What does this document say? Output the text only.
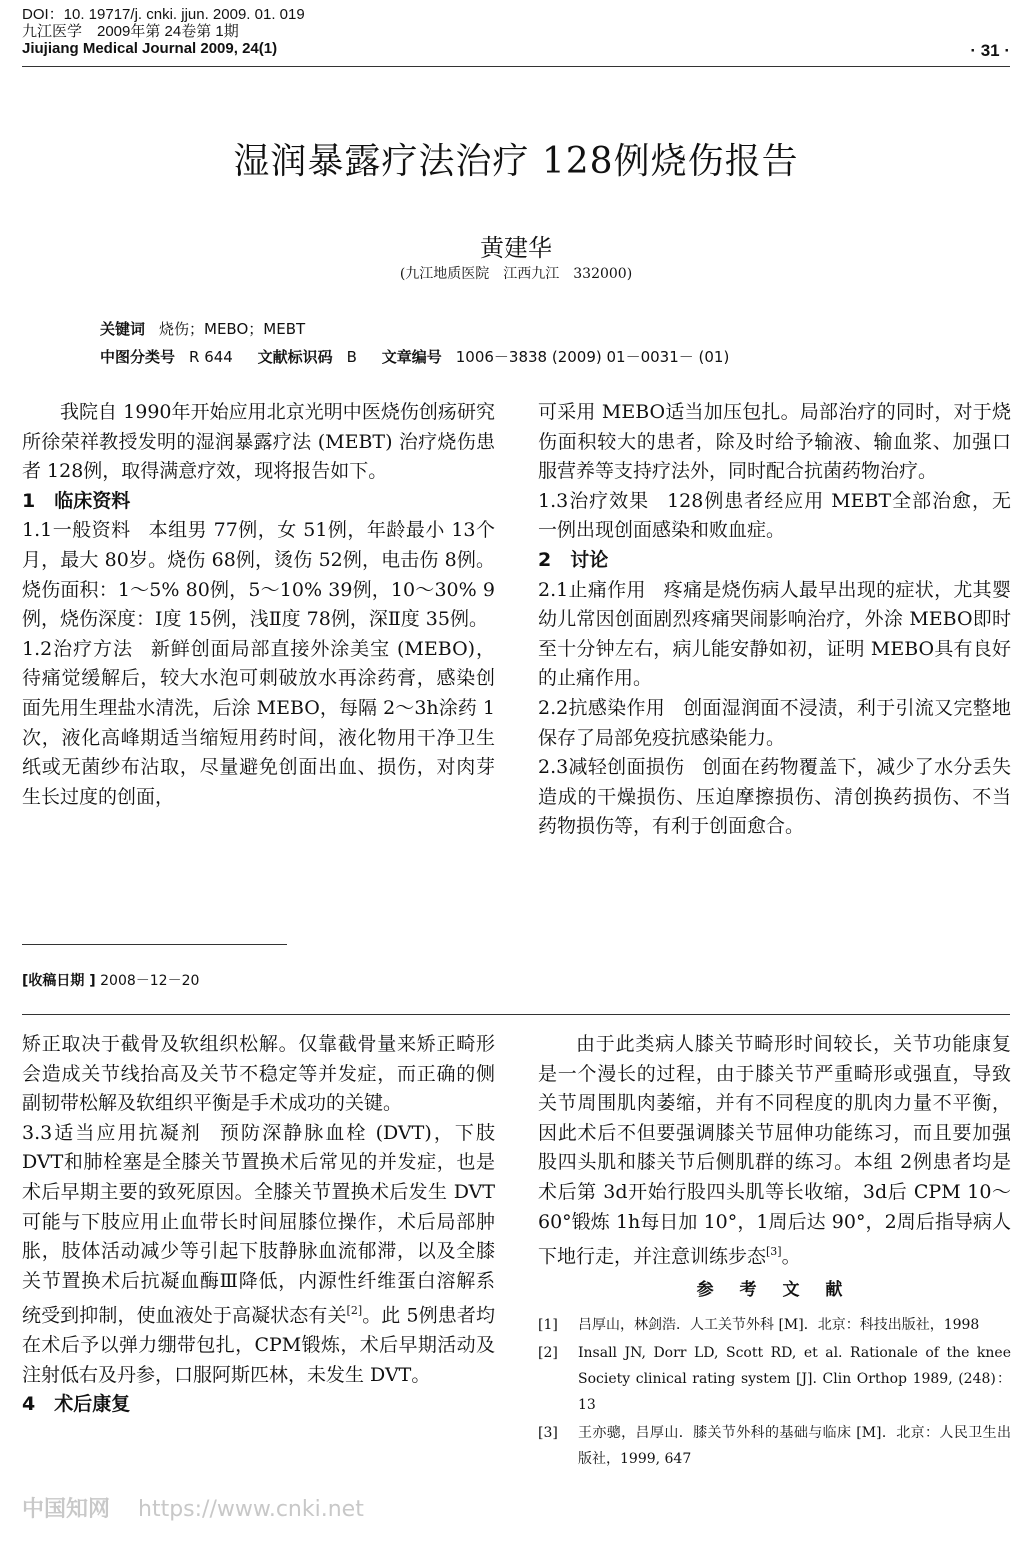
DOI：10. 19717/j. cnki. jjun. 2009. 01. 019
九江医学　2009年第 24卷第 1期
Jiujiang Medical Journal 2009, 24(1)	· 31 ·
湿润暴露疗法治疗 128例烧伤报告
黄建华
(九江地质医院　江西九江　332000)
关键词 烧伤；MEBO；MEBT
中图分类号 R 644 文献标识码 B 文章编号 1006－3838 (2009) 01－0031－ (01)

我院自 1990年开始应用北京光明中医烧伤创疡研究所徐荣祥教授发明的湿润暴露疗法 (MEBT) 治疗烧伤患者 128例，取得满意疗效，现将报告如下。

1　临床资料

1.1一般资料 本组男 77例，女 51例，年龄最小 13个月，最大 80岁。烧伤 68例，烫伤 52例，电击伤 8例。烧伤面积：1～5% 80例，5～10% 39例，10～30% 9例，烧伤深度：Ⅰ度 15例，浅Ⅱ度 78例，深Ⅱ度 35例。

1.2治疗方法 新鲜创面局部直接外涂美宝 (MEBO)，待痛觉缓解后，较大水泡可刺破放水再涂药膏，感染创面先用生理盐水清洗，后涂 MEBO，每隔 2～3h涂药 1次，液化高峰期适当缩短用药时间，液化物用干净卫生纸或无菌纱布沾取，尽量避免创面出血、损伤，对肉芽生长过度的创面，

可采用 MEBO适当加压包扎。局部治疗的同时，对于烧伤面积较大的患者，除及时给予输液、输血浆、加强口服营养等支持疗法外，同时配合抗菌药物治疗。

1.3治疗效果 128例患者经应用 MEBT全部治愈，无一例出现创面感染和败血症。

2　讨论

2.1止痛作用 疼痛是烧伤病人最早出现的症状，尤其婴幼儿常因创面剧烈疼痛哭闹影响治疗，外涂 MEBO即时至十分钟左右，病儿能安静如初，证明 MEBO具有良好的止痛作用。

2.2抗感染作用 创面湿润面不浸渍，利于引流又完整地保存了局部免疫抗感染能力。

2.3减轻创面损伤 创面在药物覆盖下，减少了水分丢失造成的干燥损伤、压迫摩擦损伤、清创换药损伤、不当药物损伤等，有利于创面愈合。

[收稿日期 ] 2008－12－20

矫正取决于截骨及软组织松解。仅靠截骨量来矫正畸形会造成关节线抬高及关节不稳定等并发症，而正确的侧副韧带松解及软组织平衡是手术成功的关键。

3.3适当应用抗凝剂 预防深静脉血栓 (DVT)，下肢 DVT和肺栓塞是全膝关节置换术后常见的并发症，也是术后早期主要的致死原因。全膝关节置换术后发生 DVT可能与下肢应用止血带长时间屈膝位操作，术后局部肿胀，肢体活动减少等引起下肢静脉血流郁滞，以及全膝关节置换术后抗凝血酶Ⅲ降低，内源性纤维蛋白溶解系统受到抑制，使血液处于高凝状态有关[2]。此 5例患者均在术后予以弹力绷带包扎，CPM锻炼，术后早期活动及注射低右及丹参，口服阿斯匹林，未发生 DVT。

4　术后康复

由于此类病人膝关节畸形时间较长，关节功能康复是一个漫长的过程，由于膝关节严重畸形或强直，导致关节周围肌肉萎缩，并有不同程度的肌肉力量不平衡，因此术后不但要强调膝关节屈伸功能练习，而且要加强股四头肌和膝关节后侧肌群的练习。本组 2例患者均是术后第 3d开始行股四头肌等长收缩，3d后 CPM 10～60°锻炼 1h每日加 10°，1周后达 90°，2周后指导病人下地行走，并注意训练步态[3]。

参 考 文 献
[1]	吕厚山，林剑浩．人工关节外科 [M]．北京：科技出版社，1998
[2]	Insall JN, Dorr LD, Scott RD, et al. Rationale of the knee Society clinical rating system [J]. Clin Orthop 1989, (248)：13
[3]	王亦骢，吕厚山．膝关节外科的基础与临床 [M]．北京：人民卫生出版社，1999, 647
中国知网 https://www.cnki.net
